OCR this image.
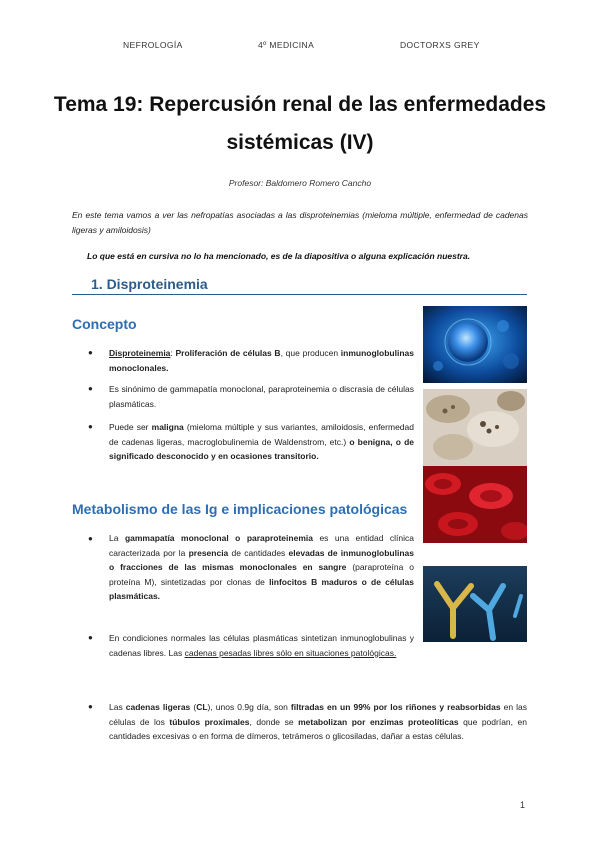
NEFROLOGÍA	4º MEDICINA	DOCTORXS GREY
Tema 19: Repercusión renal de las enfermedades sistémicas (IV)
Profesor: Baldomero Romero Cancho
En este tema vamos a ver las nefropatías asociadas a las disproteinemias (mieloma múltiple, enfermedad de cadenas ligeras y amiloidosis)
Lo que está en cursiva no lo ha mencionado, es de la diapositiva o alguna explicación nuestra.
1. Disproteinemia
Concepto
●	Disproteinemia: Proliferación de células B, que producen inmunoglobulinas monoclonales.
●	Es sinónimo de gammapatía monoclonal, paraproteinemia o discrasia de células plasmáticas.
●	Puede ser maligna (mieloma múltiple y sus variantes, amiloidosis, enfermedad de cadenas ligeras, macroglobulinemia de Waldenstrom, etc.) o benigna, o de significado desconocido y en ocasiones transitorio.
Metabolismo de las Ig e implicaciones patológicas
●	La gammapatía monoclonal o paraproteinemia es una entidad clínica caracterizada por la presencia de cantidades elevadas de inmunoglobulinas o fracciones de las mismas monoclonales en sangre (paraproteína o proteína M), sintetizadas por clonas de linfocitos B maduros o de células plasmáticas.
●	En condiciones normales las células plasmáticas sintetizan inmunoglobulinas y cadenas libres. Las cadenas pesadas libres sólo en situaciones patológicas.
●	Las cadenas ligeras (CL), unos 0.9g día, son filtradas en un 99% por los riñones y reabsorbidas en las células de los túbulos proximales, donde se metabolizan por enzimas proteolíticas que podrían, en cantidades excesivas o en forma de dímeros, tetrámeros o glicosiladas, dañar a estas células.
1
